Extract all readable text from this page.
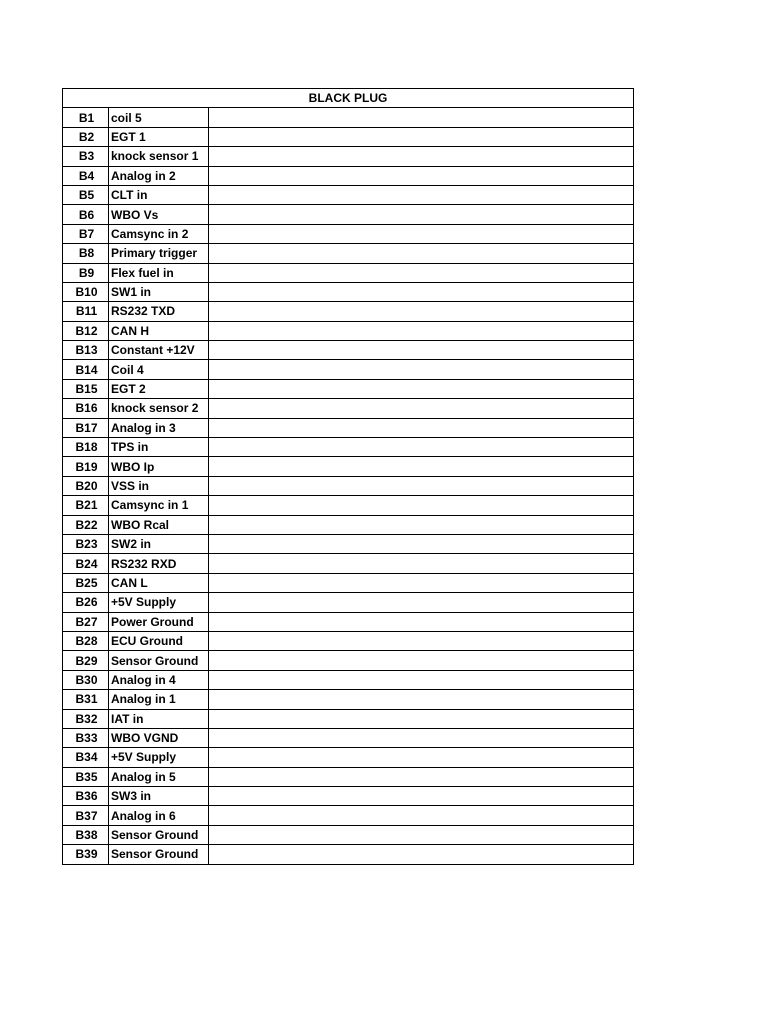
BLACK PLUG		
B1	coil 5	
B2	EGT 1	
B3	knock sensor 1	
B4	Analog in 2	
B5	CLT in	
B6	WBO Vs	
B7	Camsync in 2	
B8	Primary trigger	
B9	Flex fuel in	
B10	SW1 in	
B11	RS232 TXD	
B12	CAN H	
B13	Constant +12V	
B14	Coil 4	
B15	EGT 2	
B16	knock sensor 2	
B17	Analog in 3	
B18	TPS in	
B19	WBO Ip	
B20	VSS in	
B21	Camsync in 1	
B22	WBO Rcal	
B23	SW2 in	
B24	RS232 RXD	
B25	CAN L	
B26	+5V Supply	
B27	Power Ground	
B28	ECU Ground	
B29	Sensor Ground	
B30	Analog in 4	
B31	Analog in 1	
B32	IAT in	
B33	WBO VGND	
B34	+5V Supply	
B35	Analog in 5	
B36	SW3 in	
B37	Analog in 6	
B38	Sensor Ground	
B39	Sensor Ground	
